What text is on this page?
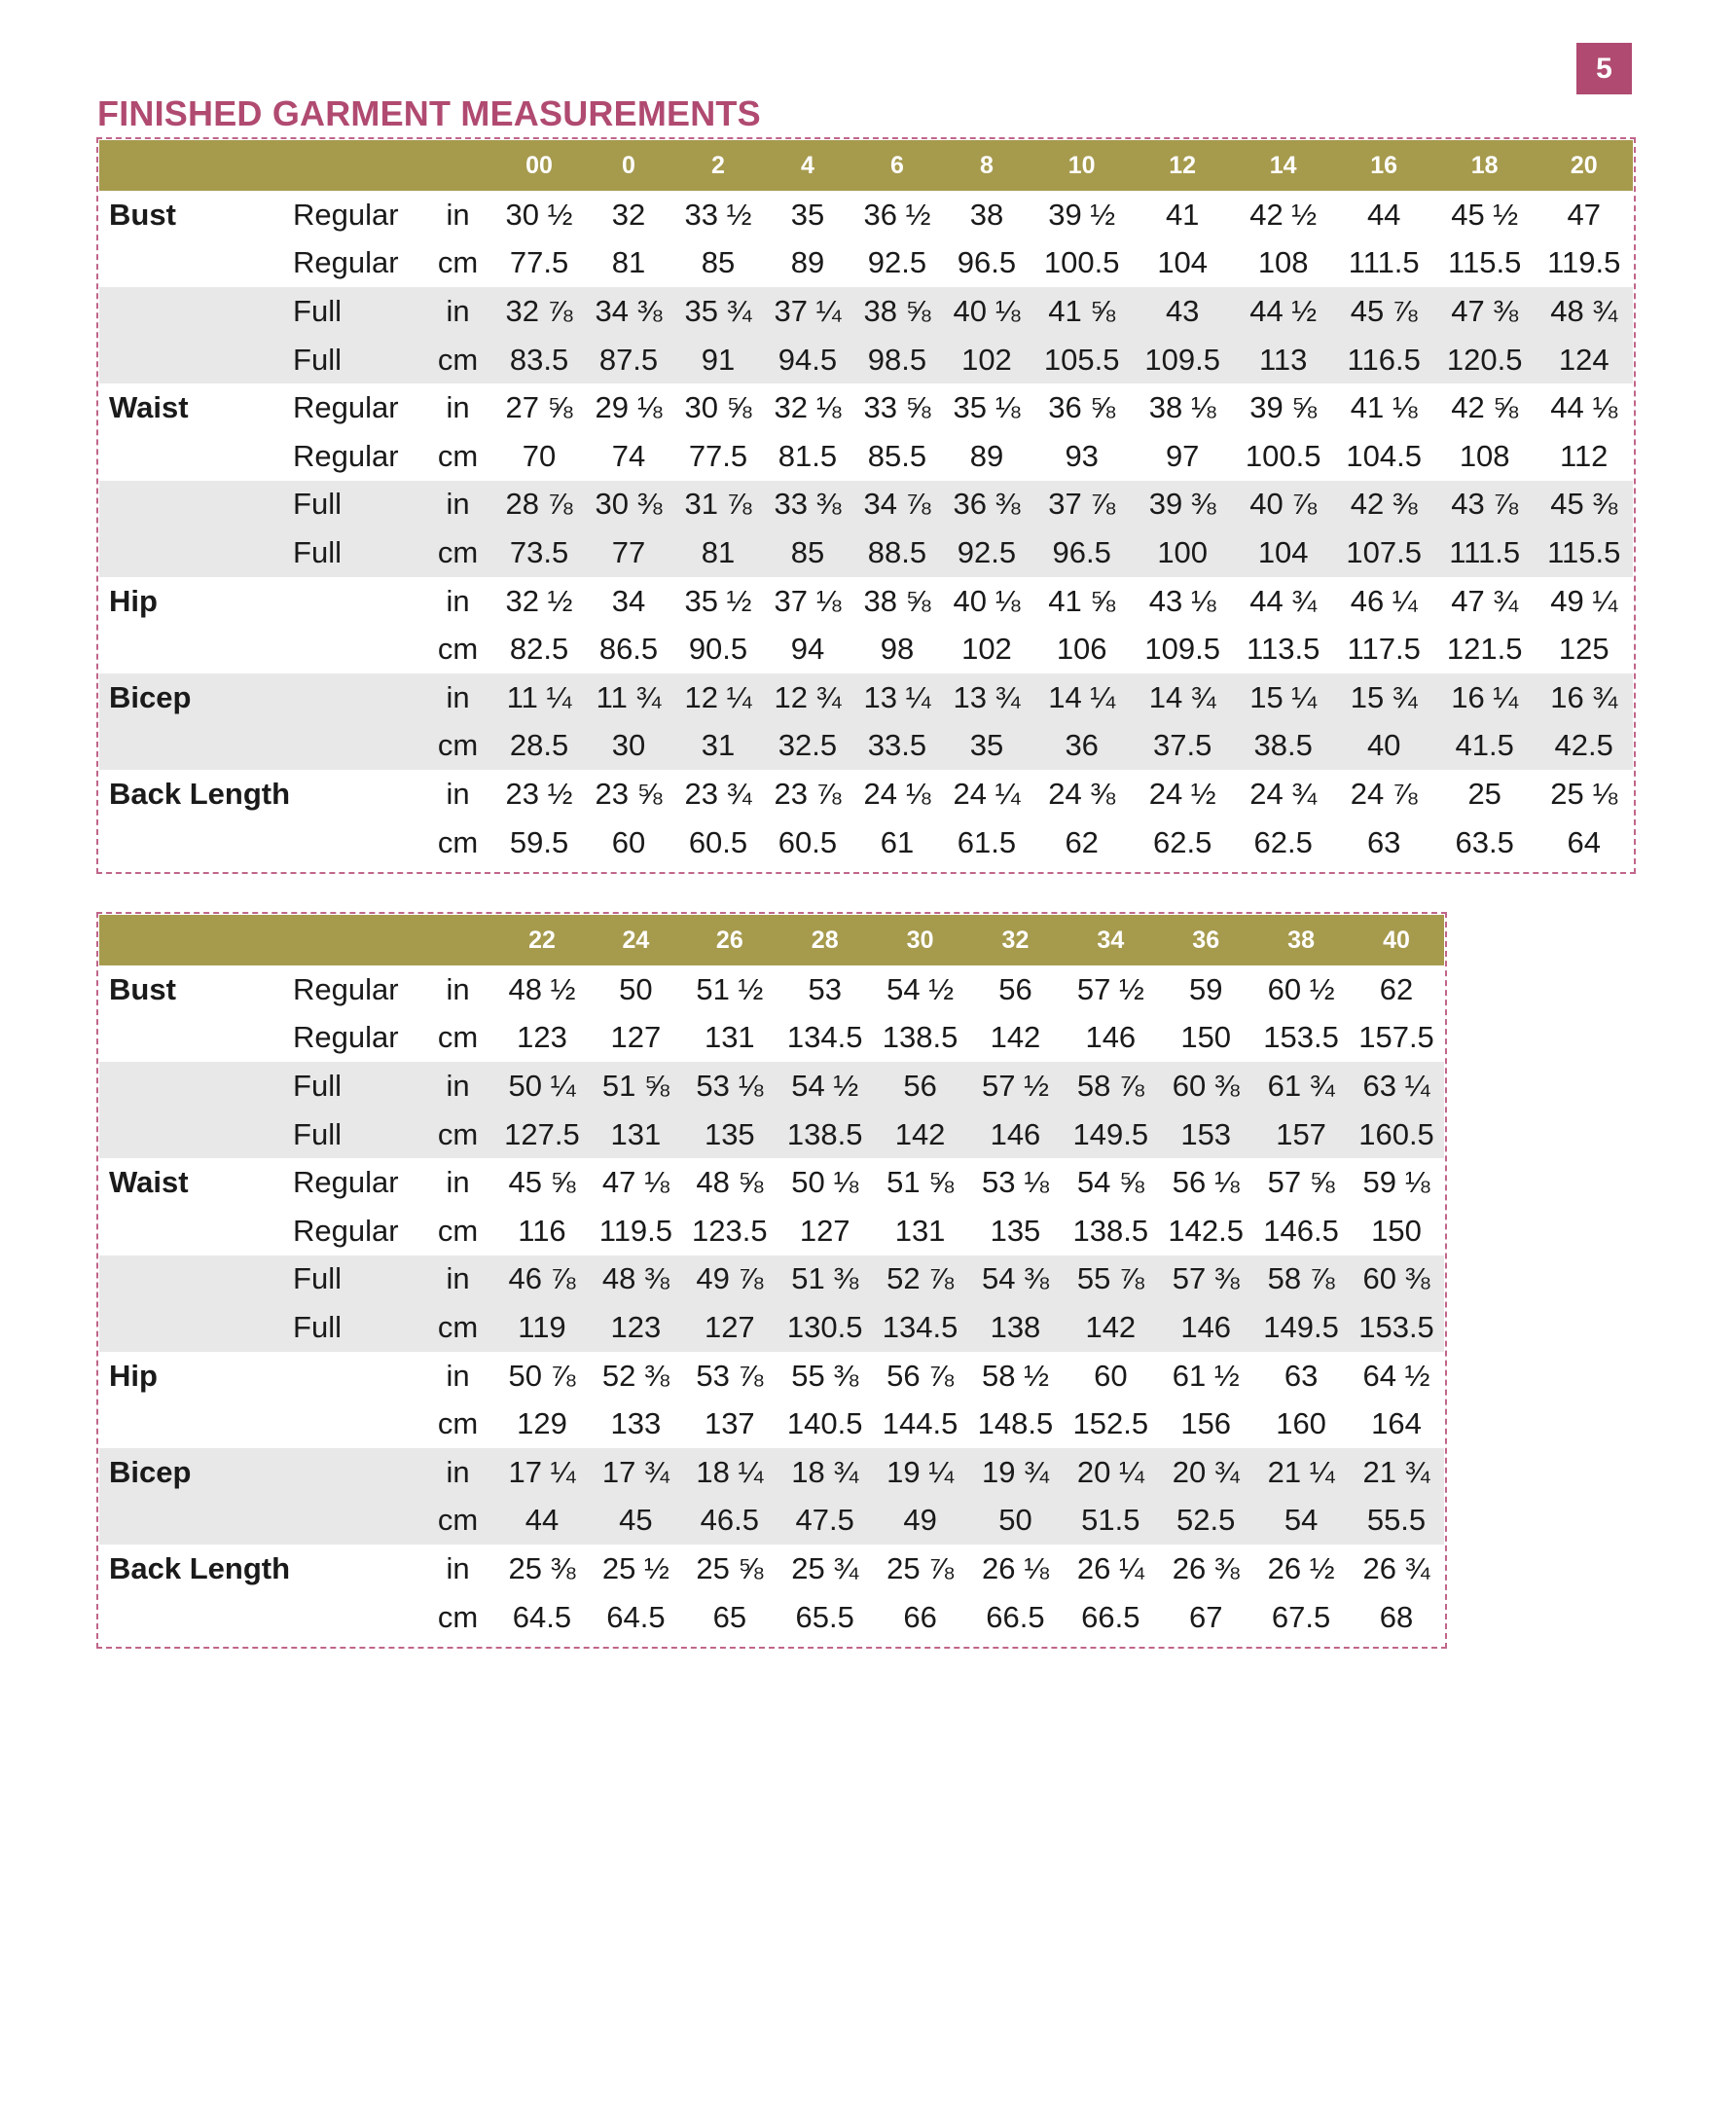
5
FINISHED GARMENT MEASUREMENTS
			00	0	2	4	6	8	10	12	14	16	18	20
Bust	Regular	in	30 ½	32	33 ½	35	36 ½	38	39 ½	41	42 ½	44	45 ½	47
	Regular	cm	77.5	81	85	89	92.5	96.5	100.5	104	108	111.5	115.5	119.5
	Full	in	32 ⅞	34 ⅜	35 ¾	37 ¼	38 ⅝	40 ⅛	41 ⅝	43	44 ½	45 ⅞	47 ⅜	48 ¾
	Full	cm	83.5	87.5	91	94.5	98.5	102	105.5	109.5	113	116.5	120.5	124
Waist	Regular	in	27 ⅝	29 ⅛	30 ⅝	32 ⅛	33 ⅝	35 ⅛	36 ⅝	38 ⅛	39 ⅝	41 ⅛	42 ⅝	44 ⅛
	Regular	cm	70	74	77.5	81.5	85.5	89	93	97	100.5	104.5	108	112
	Full	in	28 ⅞	30 ⅜	31 ⅞	33 ⅜	34 ⅞	36 ⅜	37 ⅞	39 ⅜	40 ⅞	42 ⅜	43 ⅞	45 ⅜
	Full	cm	73.5	77	81	85	88.5	92.5	96.5	100	104	107.5	111.5	115.5
Hip		in	32 ½	34	35 ½	37 ⅛	38 ⅝	40 ⅛	41 ⅝	43 ⅛	44 ¾	46 ¼	47 ¾	49 ¼
		cm	82.5	86.5	90.5	94	98	102	106	109.5	113.5	117.5	121.5	125
Bicep		in	11 ¼	11 ¾	12 ¼	12 ¾	13 ¼	13 ¾	14 ¼	14 ¾	15 ¼	15 ¾	16 ¼	16 ¾
		cm	28.5	30	31	32.5	33.5	35	36	37.5	38.5	40	41.5	42.5
Back Length		in	23 ½	23 ⅝	23 ¾	23 ⅞	24 ⅛	24 ¼	24 ⅜	24 ½	24 ¾	24 ⅞	25	25 ⅛
		cm	59.5	60	60.5	60.5	61	61.5	62	62.5	62.5	63	63.5	64
			22	24	26	28	30	32	34	36	38	40
Bust	Regular	in	48 ½	50	51 ½	53	54 ½	56	57 ½	59	60 ½	62
	Regular	cm	123	127	131	134.5	138.5	142	146	150	153.5	157.5
	Full	in	50 ¼	51 ⅝	53 ⅛	54 ½	56	57 ½	58 ⅞	60 ⅜	61 ¾	63 ¼
	Full	cm	127.5	131	135	138.5	142	146	149.5	153	157	160.5
Waist	Regular	in	45 ⅝	47 ⅛	48 ⅝	50 ⅛	51 ⅝	53 ⅛	54 ⅝	56 ⅛	57 ⅝	59 ⅛
	Regular	cm	116	119.5	123.5	127	131	135	138.5	142.5	146.5	150
	Full	in	46 ⅞	48 ⅜	49 ⅞	51 ⅜	52 ⅞	54 ⅜	55 ⅞	57 ⅜	58 ⅞	60 ⅜
	Full	cm	119	123	127	130.5	134.5	138	142	146	149.5	153.5
Hip		in	50 ⅞	52 ⅜	53 ⅞	55 ⅜	56 ⅞	58 ½	60	61 ½	63	64 ½
		cm	129	133	137	140.5	144.5	148.5	152.5	156	160	164
Bicep		in	17 ¼	17 ¾	18 ¼	18 ¾	19 ¼	19 ¾	20 ¼	20 ¾	21 ¼	21 ¾
		cm	44	45	46.5	47.5	49	50	51.5	52.5	54	55.5
Back Length		in	25 ⅜	25 ½	25 ⅝	25 ¾	25 ⅞	26 ⅛	26 ¼	26 ⅜	26 ½	26 ¾
		cm	64.5	64.5	65	65.5	66	66.5	66.5	67	67.5	68
